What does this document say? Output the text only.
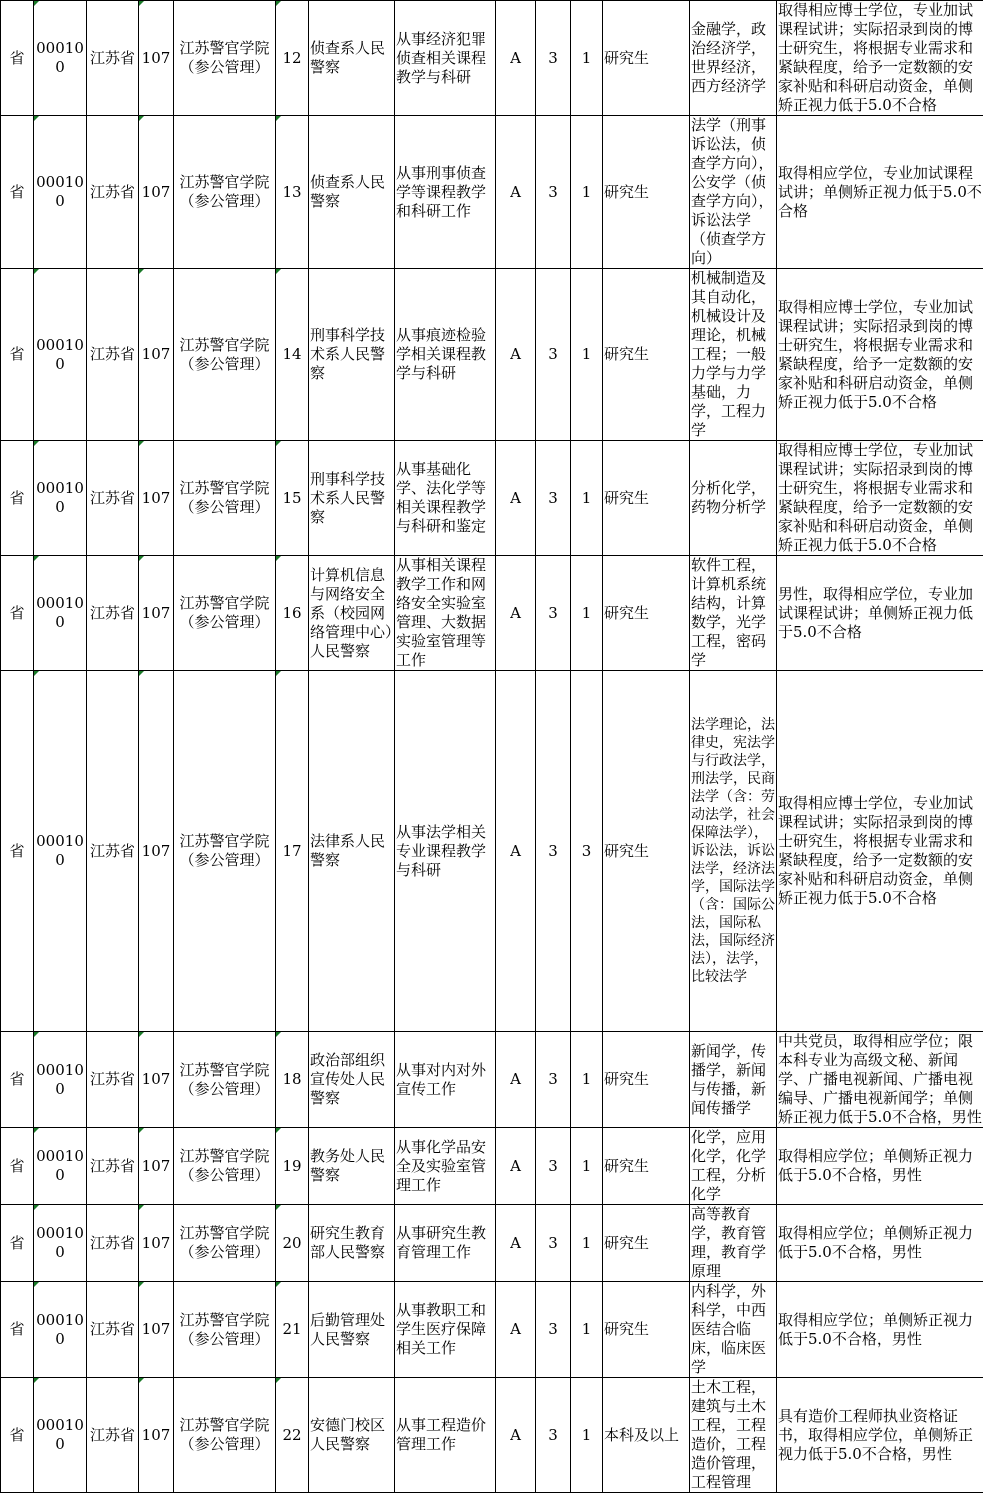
省	000100	江苏省	107	江苏警官学院（参公管理）	12	侦查系人民警察	从事经济犯罪侦查相关课程教学与科研	A	3	1	研究生	金融学，政治经济学，世界经济，西方经济学	取得相应博士学位，专业加试课程试讲；实际招录到岗的博士研究生，将根据专业需求和紧缺程度，给予一定数额的安家补贴和科研启动资金，单侧矫正视力低于5.0不合格
省	000100	江苏省	107	江苏警官学院（参公管理）	13	侦查系人民警察	从事刑事侦查学等课程教学和科研工作	A	3	1	研究生	法学（刑事诉讼法，侦查学方向），公安学（侦查学方向），诉讼法学（侦查学方向）	取得相应学位，专业加试课程试讲；单侧矫正视力低于5.0不合格
省	000100	江苏省	107	江苏警官学院（参公管理）	14	刑事科学技术系人民警察	从事痕迹检验学相关课程教学与科研	A	3	1	研究生	机械制造及其自动化，机械设计及理论，机械工程；一般力学与力学基础，力学，工程力学	取得相应博士学位，专业加试课程试讲；实际招录到岗的博士研究生，将根据专业需求和紧缺程度，给予一定数额的安家补贴和科研启动资金，单侧矫正视力低于5.0不合格
省	000100	江苏省	107	江苏警官学院（参公管理）	15	刑事科学技术系人民警察	从事基础化学、法化学等相关课程教学与科研和鉴定	A	3	1	研究生	分析化学，药物分析学	取得相应博士学位，专业加试课程试讲；实际招录到岗的博士研究生，将根据专业需求和紧缺程度，给予一定数额的安家补贴和科研启动资金，单侧矫正视力低于5.0不合格
省	000100	江苏省	107	江苏警官学院（参公管理）	16	计算机信息与网络安全系（校园网络管理中心）人民警察	从事相关课程教学工作和网络安全实验室管理、大数据实验室管理等工作	A	3	1	研究生	软件工程，计算机系统结构，计算数学，光学工程，密码学	男性，取得相应学位，专业加试课程试讲；单侧矫正视力低于5.0不合格
省	000100	江苏省	107	江苏警官学院（参公管理）	17	法律系人民警察	从事法学相关专业课程教学与科研	A	3	3	研究生	法学理论，法律史，宪法学与行政法学，刑法学，民商法学（含：劳动法学，社会保障法学），诉讼法，诉讼法学，经济法学，国际法学（含：国际公法，国际私法，国际经济法），法学，比较法学	取得相应博士学位，专业加试课程试讲；实际招录到岗的博士研究生，将根据专业需求和紧缺程度，给予一定数额的安家补贴和科研启动资金，单侧矫正视力低于5.0不合格
省	000100	江苏省	107	江苏警官学院（参公管理）	18	政治部组织宣传处人民警察	从事对内对外宣传工作	A	3	1	研究生	新闻学，传播学，新闻与传播，新闻传播学	中共党员，取得相应学位；限本科专业为高级文秘、新闻学、广播电视新闻、广播电视编导、广播电视新闻学；单侧矫正视力低于5.0不合格，男性
省	000100	江苏省	107	江苏警官学院（参公管理）	19	教务处人民警察	从事化学品安全及实验室管理工作	A	3	1	研究生	化学，应用化学，化学工程，分析化学	取得相应学位；单侧矫正视力低于5.0不合格，男性
省	000100	江苏省	107	江苏警官学院（参公管理）	20	研究生教育部人民警察	从事研究生教育管理工作	A	3	1	研究生	高等教育学，教育管理，教育学原理	取得相应学位；单侧矫正视力低于5.0不合格，男性
省	000100	江苏省	107	江苏警官学院（参公管理）	21	后勤管理处人民警察	从事教职工和学生医疗保障相关工作	A	3	1	研究生	内科学，外科学，中西医结合临床，临床医学	取得相应学位；单侧矫正视力低于5.0不合格，男性
省	000100	江苏省	107	江苏警官学院（参公管理）	22	安德门校区人民警察	从事工程造价管理工作	A	3	1	本科及以上	土木工程，建筑与土木工程，工程造价，工程造价管理，工程管理	具有造价工程师执业资格证书，取得相应学位，单侧矫正视力低于5.0不合格，男性
